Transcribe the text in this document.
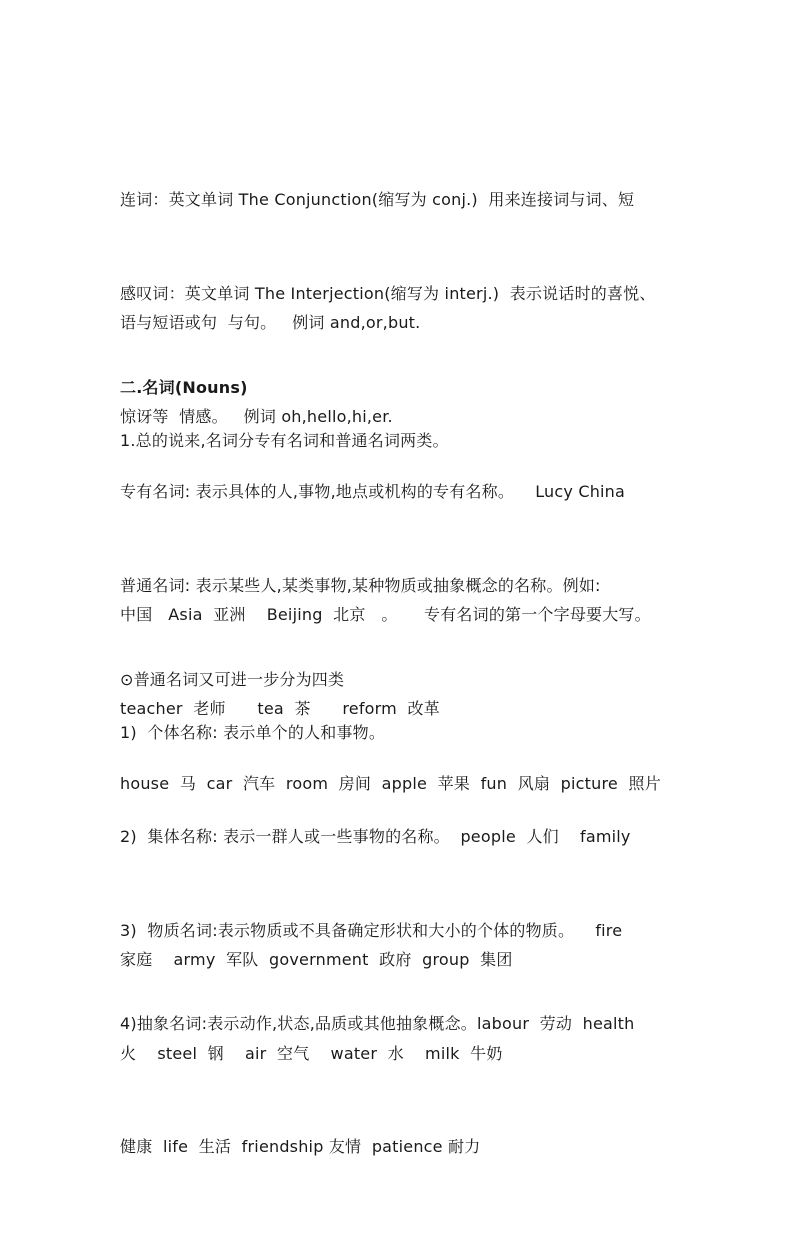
连词：英文单词 The Conjunction(缩写为 conj.)  用来连接词与词、短

语与短语或句  与句。   例词 and,or,but.

感叹词：英文单词 The Interjection(缩写为 interj.)  表示说话时的喜悦、

惊讶等  情感。   例词 oh,hello,hi,er.

二.名词(Nouns)

1.总的说来,名词分专有名词和普通名词两类。

专有名词: 表示具体的人,事物,地点或机构的专有名称。    Lucy China

中国   Asia  亚洲    Beijing  北京   。     专有名词的第一个字母要大写。

普通名词: 表示某些人,某类事物,某种物质或抽象概念的名称。例如:

teacher  老师      tea  茶      reform  改革

⊙普通名词又可进一步分为四类

1)  个体名称: 表示单个的人和事物。

house  马  car  汽车  room  房间  apple  苹果  fun  风扇  picture  照片

2)  集体名称: 表示一群人或一些事物的名称。  people  人们    family

家庭    army  军队  government  政府  group  集团

3)  物质名词:表示物质或不具备确定形状和大小的个体的物质。    fire

火    steel  钢    air  空气    water  水    milk  牛奶

4)抽象名词:表示动作,状态,品质或其他抽象概念。labour  劳动  health

健康  life  生活  friendship 友情  patience 耐力
